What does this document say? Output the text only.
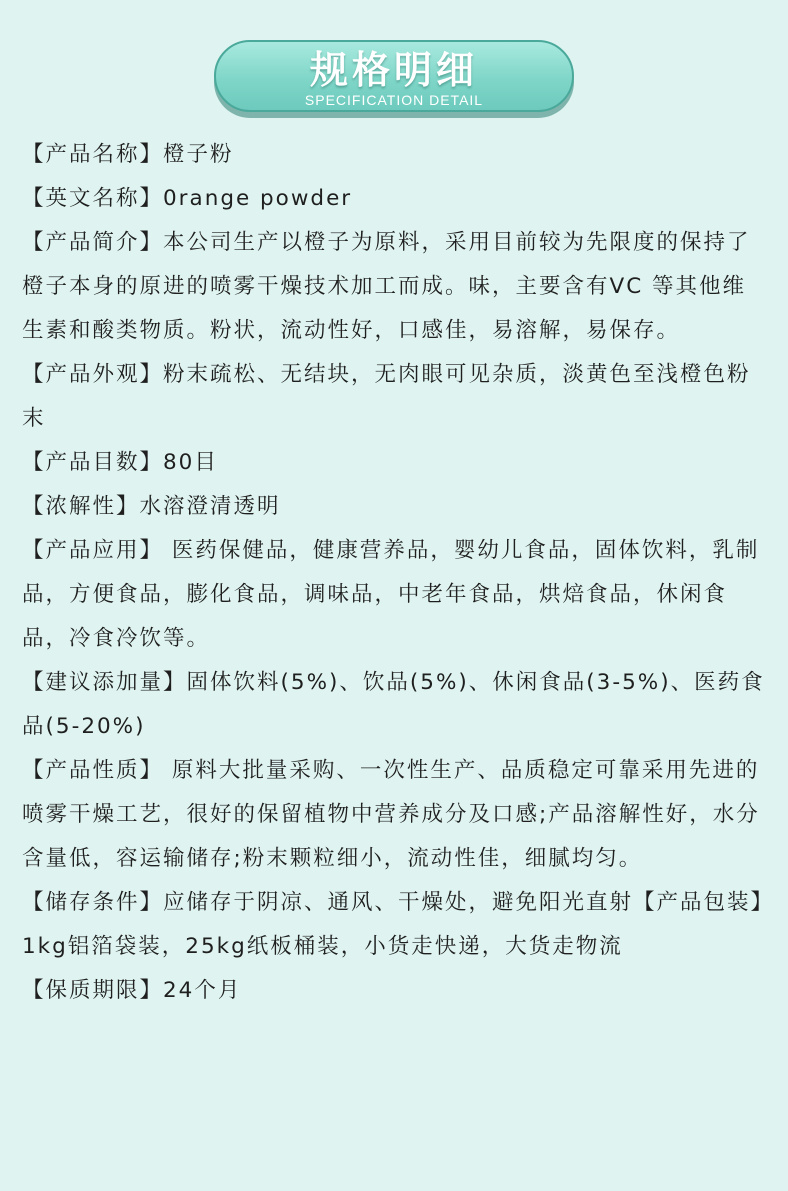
规格明细
SPECIFICATION DETAIL

【产品名称】橙子粉

【英文名称】0range powder

【产品简介】本公司生产以橙子为原料，采用目前较为先限度的保持了橙子本身的原进的喷雾干燥技术加工而成。味，主要含有VC 等其他维生素和酸类物质。粉状，流动性好，口感佳，易溶解，易保存。

【产品外观】粉末疏松、无结块，无肉眼可见杂质，淡黄色至浅橙色粉末

【产品目数】80目

【浓解性】水溶澄清透明

【产品应用】 医药保健品，健康营养品，婴幼儿食品，固体饮料，乳制品，方便食品，膨化食品，调味品，中老年食品，烘焙食品，休闲食品，冷食冷饮等。

【建议添加量】固体饮料(5%)、饮品(5%)、休闲食品(3-5%)、医药食品(5-20%)

【产品性质】 原料大批量采购、一次性生产、品质稳定可靠采用先进的喷雾干燥工艺，很好的保留植物中营养成分及口感;产品溶解性好，水分含量低，容运输储存;粉末颗粒细小，流动性佳，细腻均匀。

【储存条件】应储存于阴凉、通风、干燥处，避免阳光直射【产品包装】1kg铝箔袋装，25kg纸板桶装，小货走快递，大货走物流

【保质期限】24个月
